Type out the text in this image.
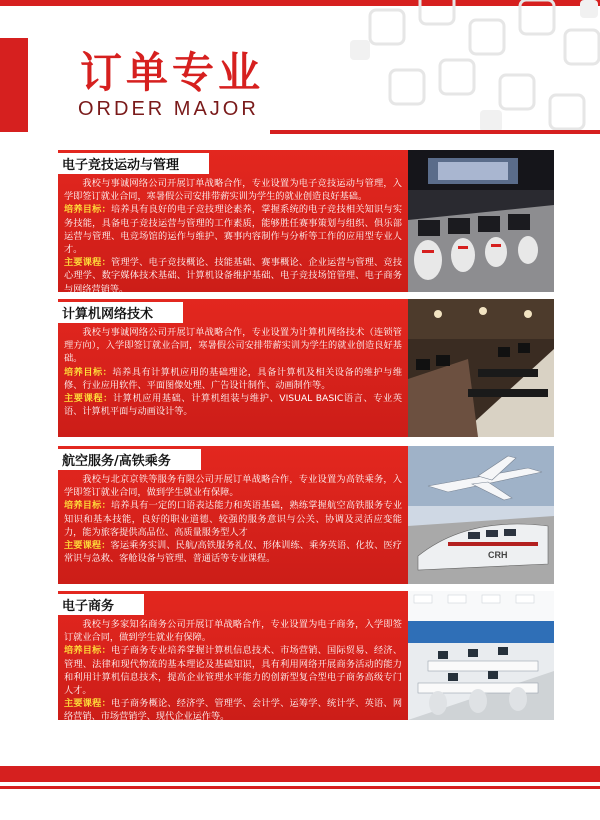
订单专业
ORDER MAJOR
电子竞技运动与管理

我校与事诚网络公司开展订单战略合作，专业设置为电子竞技运动与管理，入学即签订就业合同，寒暑假公司安排带薪实训为学生的就业创造良好基础。

培养目标：培养具有良好的电子竞技理论素养，掌握系统的电子竞技相关知识与实务技能，具备电子竞技运营与管理的工作素质，能够胜任赛事策划与组织、俱乐部运营与管理、电竞场馆的运作与维护、赛事内容制作与分析等工作的应用型专业人才。

主要课程：管理学、电子竞技概论、技能基础、赛事概论、企业运营与管理、竞技心理学、数字媒体技术基础、计算机设备维护基础、电子竞技场馆管理、电子商务与网络营销等。

计算机网络技术

我校与事诚网络公司开展订单战略合作，专业设置为计算机网络技术（连锁管理方向），入学即签订就业合同，寒暑假公司安排带薪实训为学生的就业创造良好基础。

培养目标：培养具有计算机应用的基础理论，具备计算机及相关设备的维护与维修、行业应用软件、平面图像处理、广告设计制作、动画制作等。

主要课程：计算机应用基础、计算机组装与维护、VISUAL BASIC语言、专业英语、计算机平面与动画设计等。

航空服务/高铁乘务

我校与北京京铁等服务有限公司开展订单战略合作，专业设置为高铁乘务，入学即签订就业合同，做到学生就业有保障。

培养目标：培养具有一定的口语表达能力和英语基础，熟练掌握航空高铁服务专业知识和基本技能，良好的职业道德、较强的服务意识与公关、协调及灵活应变能力，能为旅客提供高品位、高质量服务型人才

主要课程：客运乘务实训、民航/高铁服务礼仪、形体训练、乘务英语、化妆、医疗常识与急救、客舱设备与管理、普通话等专业课程。	CRH
电子商务

我校与多家知名商务公司开展订单战略合作，专业设置为电子商务，入学即签订就业合同，做到学生就业有保障。

培养目标：电子商务专业培养掌握计算机信息技术、市场营销、国际贸易、经济、管理、法律和现代物流的基本理论及基础知识，具有利用网络开展商务活动的能力和利用计算机信息技术，提高企业管理水平能力的创新型复合型电子商务高级专门人才。

主要课程：电子商务概论、经济学、管理学、会计学、运筹学、统计学、英语、网络营销、市场营销学、现代企业运作等。
